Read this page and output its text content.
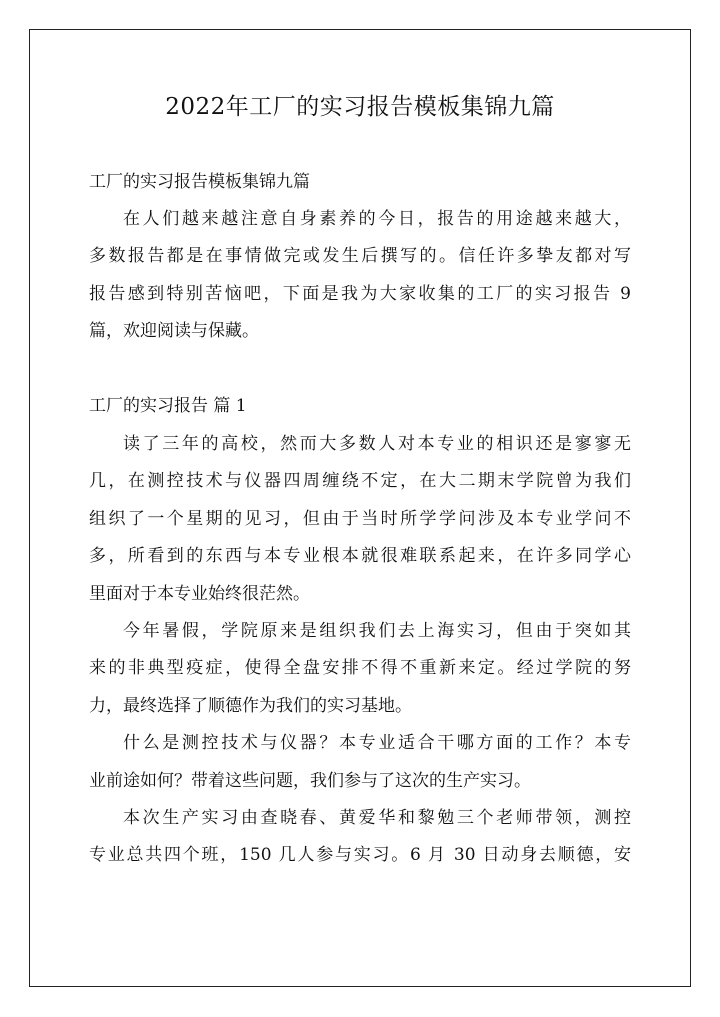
2022年工厂的实习报告模板集锦九篇
工厂的实习报告模板集锦九篇
在人们越来越注意自身素养的今日，报告的用途越来越大，
多数报告都是在事情做完或发生后撰写的。信任许多挚友都对写
报告感到特别苦恼吧，下面是我为大家收集的工厂的实习报告 9
篇，欢迎阅读与保藏。
工厂的实习报告 篇 1
读了三年的高校，然而大多数人对本专业的相识还是寥寥无
几，在测控技术与仪器四周缠绕不定，在大二期末学院曾为我们
组织了一个星期的见习，但由于当时所学学问涉及本专业学问不
多，所看到的东西与本专业根本就很难联系起来，在许多同学心
里面对于本专业始终很茫然。
今年暑假，学院原来是组织我们去上海实习，但由于突如其
来的非典型疫症，使得全盘安排不得不重新来定。经过学院的努
力，最终选择了顺德作为我们的实习基地。
什么是测控技术与仪器？本专业适合干哪方面的工作？本专
业前途如何？带着这些问题，我们参与了这次的生产实习。
本次生产实习由查晓春、黄爱华和黎勉三个老师带领，测控
专业总共四个班，150 几人参与实习。6 月 30 日动身去顺德，安
